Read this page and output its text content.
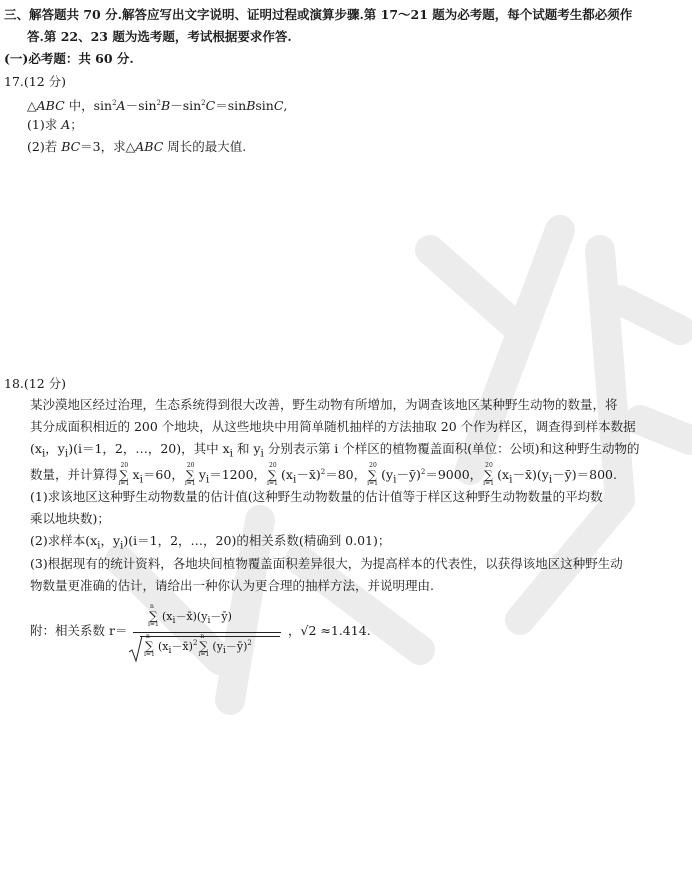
三、解答题共 70 分.解答应写出文字说明、证明过程或演算步骤.第 17～21 题为必考题，每个试题考生都必须作
答.第 22、23 题为选考题，考试根据要求作答.
(一)必考题：共 60 分.
17.(12 分)
△ABC 中，$\sin^2A-\sin^2B-\sin^2C=sinBsinC$,
(1)求 A；
(2)若 BC＝3，求△ABC 周长的最大值.
18.(12 分)
某沙漠地区经过治理，生态系统得到很大改善，野生动物有所增加，为调查该地区某种野生动物的数量，将
其分成面积相近的 200 个地块，从这些地块中用简单随机抽样的方法抽取 20 个作为样区，调查得到样本数据
($x_i$，$y_i)(i=1$，2，…，20)，其中 $x_i$ 和 $y_i$ 分别表示第 i 个样区的植物覆盖面积(单位：公顷)和这种野生动物的
数量，并计算得
20
∑
i=1
$x_i=60$，
20
∑
i=1
$y_i=1200$，
20
∑
i=1
$(x_i-x̄)^2=80$，
20
∑
i=1
$(y_i-ȳ)^2=9000$，
20
∑
i=1
$(x_i-x̄)(y_i-ȳ)=800$.
(1)求该地区这种野生动物数量的估计值(这种野生动物数量的估计值等于样区这种野生动物数量的平均数
乘以地块数)；
(2)求样本($x_i$，$y_i)(i=1$，2，…，20)的相关系数(精确到 0.01)；
(3)根据现有的统计资料，各地块间植物覆盖面积差异很大，为提高样本的代表性，以获得该地区这种野生动
物数量更准确的估计，请给出一种你认为更合理的抽样方法，并说明理由.
附：相关系数 r＝
n
∑
i=1
$(x_i-x̄)(y_i-ȳ)$
n
∑
i=1
$(x_i-x̄)^2$
n
∑
i=1
$(y_i-ȳ)^2$
，√2 ≈1.414.
